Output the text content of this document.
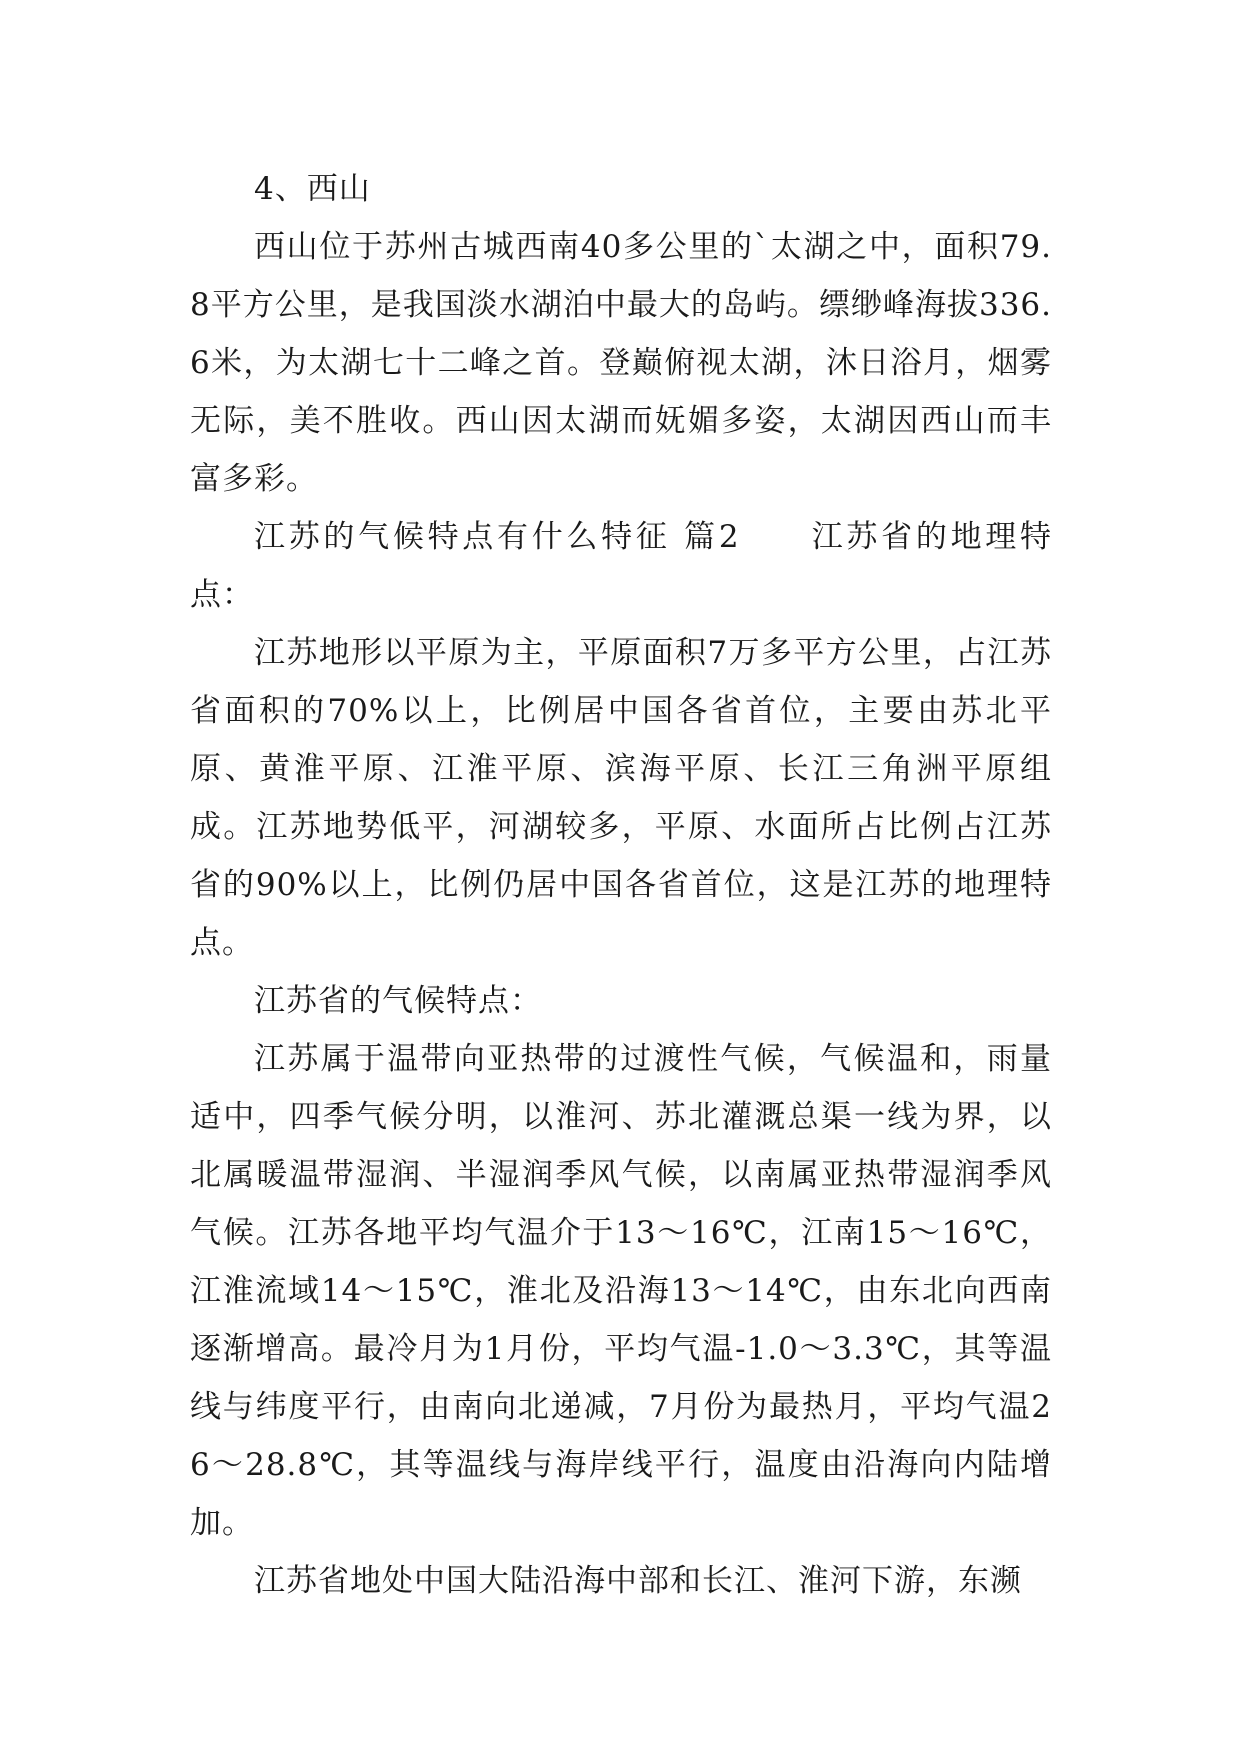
4、西山

西山位于苏州古城西南40多公里的`太湖之中，面积79.8平方公里，是我国淡水湖泊中最大的岛屿。缥缈峰海拔336.6米，为太湖七十二峰之首。登巅俯视太湖，沐日浴月，烟雾无际，美不胜收。西山因太湖而妩媚多姿，太湖因西山而丰富多彩。

江苏的气候特点有什么特征 篇2　　江苏省的地理特点：

江苏地形以平原为主，平原面积7万多平方公里，占江苏省面积的70%以上，比例居中国各省首位，主要由苏北平原、黄淮平原、江淮平原、滨海平原、长江三角洲平原组成。江苏地势低平，河湖较多，平原、水面所占比例占江苏省的90%以上，比例仍居中国各省首位，这是江苏的地理特点。

江苏省的气候特点：

江苏属于温带向亚热带的过渡性气候，气候温和，雨量适中，四季气候分明，以淮河、苏北灌溉总渠一线为界，以北属暖温带湿润、半湿润季风气候，以南属亚热带湿润季风气候。江苏各地平均气温介于13～16℃，江南15～16℃，江淮流域14～15℃，淮北及沿海13～14℃，由东北向西南逐渐增高。最冷月为1月份，平均气温-1.0～3.3℃，其等温线与纬度平行，由南向北递减，7月份为最热月，平均气温26～28.8℃，其等温线与海岸线平行，温度由沿海向内陆增加。

江苏省地处中国大陆沿海中部和长江、淮河下游，东濒
